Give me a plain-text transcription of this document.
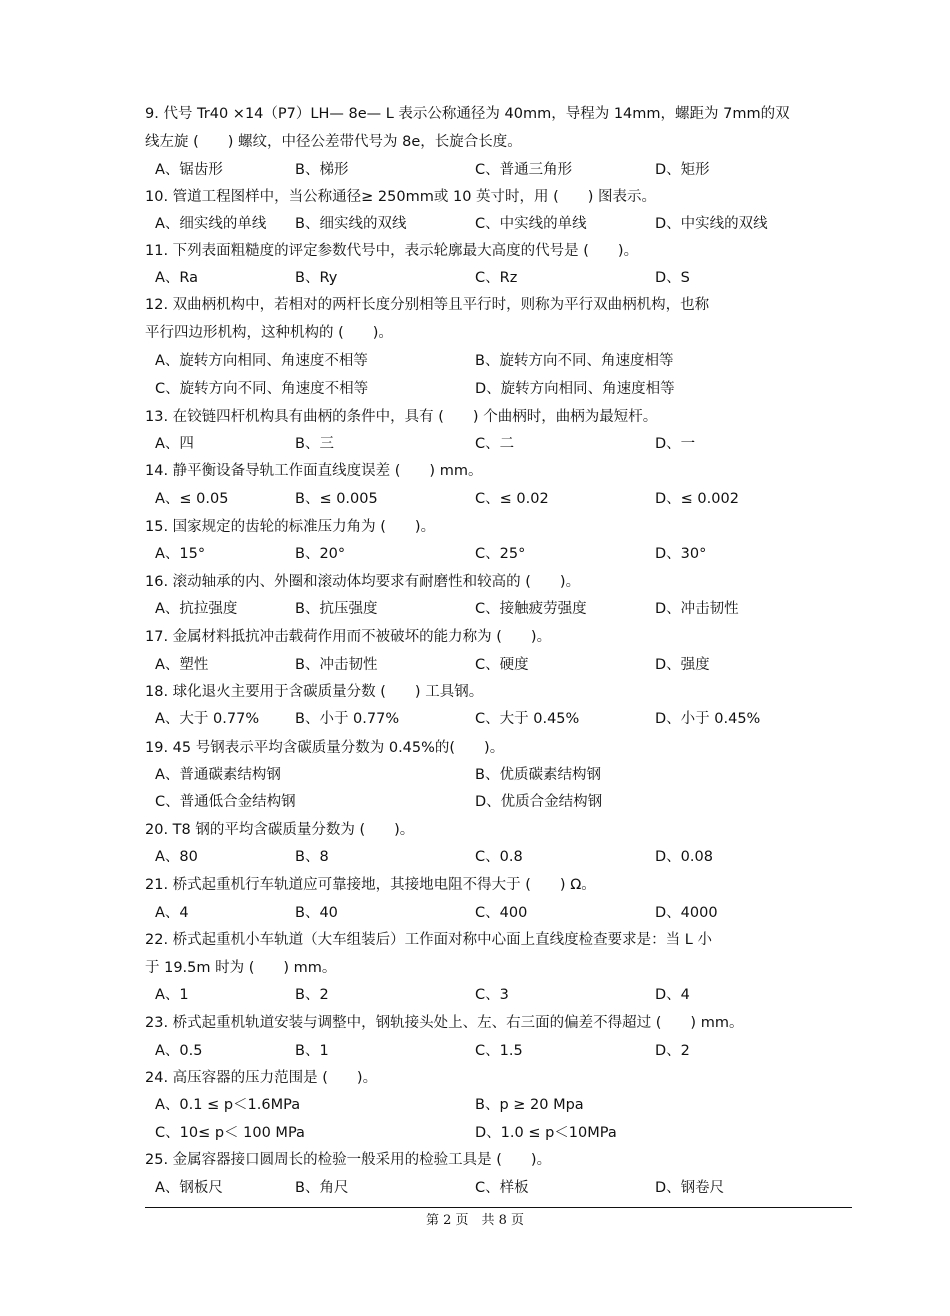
9. 代号 Tr40 ×14（P7）LH— 8e— L 表示公称通径为 40mm，导程为 14mm，螺距为 7mm的双
线左旋 (　　) 螺纹，中径公差带代号为 8e，长旋合长度。
A、锯齿形	B、梯形	C、普通三角形	D、矩形
10. 管道工程图样中，当公称通径≥ 250mm或 10 英寸时，用 (　　) 图表示。
A、细实线的单线 B、细实线的双线	C、中实线的单线	D、中实线的双线
11. 下列表面粗糙度的评定参数代号中，表示轮廓最大高度的代号是 (　　)。
A、Ra	B、Ry	C、Rz	D、S
12. 双曲柄机构中，若相对的两杆长度分别相等且平行时，则称为平行双曲柄机构，也称
平行四边形机构，这种机构的 (　　)。
A、旋转方向相同、角速度不相等	B、旋转方向不同、角速度相等
C、旋转方向不同、角速度不相等	D、旋转方向相同、角速度相等
13. 在铰链四杆机构具有曲柄的条件中，具有 (　　) 个曲柄时，曲柄为最短杆。
A、四	B、三	C、二	D、一
14. 静平衡设备导轨工作面直线度误差 (　　) mm。
A、≤ 0.05	B、≤ 0.005	C、≤ 0.02	D、≤ 0.002
15. 国家规定的齿轮的标准压力角为 (　　)。
A、15°	B、20°	C、25°	D、30°
16. 滚动轴承的内、外圈和滚动体均要求有耐磨性和较高的 (　　)。
A、抗拉强度	B、抗压强度	C、接触疲劳强度	D、冲击韧性
17. 金属材料抵抗冲击载荷作用而不被破坏的能力称为 (　　)。
A、塑性	B、冲击韧性	C、硬度	D、强度
18. 球化退火主要用于含碳质量分数 (　　) 工具钢。
A、大于 0.77% B、小于 0.77%	C、大于 0.45%	D、小于 0.45%
19. 45 号钢表示平均含碳质量分数为 0.45%的(　　)。
A、普通碳素结构钢	B、优质碳素结构钢
C、普通低合金结构钢	D、优质合金结构钢
20. T8 钢的平均含碳质量分数为 (　　)。
A、80	B、8	C、0.8	D、0.08
21. 桥式起重机行车轨道应可靠接地，其接地电阻不得大于 (　　) Ω。
A、4	B、40	C、400	D、4000
22. 桥式起重机小车轨道（大车组装后）工作面对称中心面上直线度检查要求是：当 L 小
于 19.5m 时为 (　　) mm。
A、1	B、2	C、3	D、4
23. 桥式起重机轨道安装与调整中，钢轨接头处上、左、右三面的偏差不得超过 (　　) mm。
A、0.5	B、1	C、1.5	D、2
24. 高压容器的压力范围是 (　　)。
A、0.1 ≤ p＜1.6MPa	B、p ≥ 20 Mpa
C、10≤ p＜ 100 MPa	D、1.0 ≤ p＜10MPa
25. 金属容器接口圆周长的检验一般采用的检验工具是 (　　)。
A、钢板尺	B、角尺	C、样板	D、钢卷尺
第 2 页　共 8 页
